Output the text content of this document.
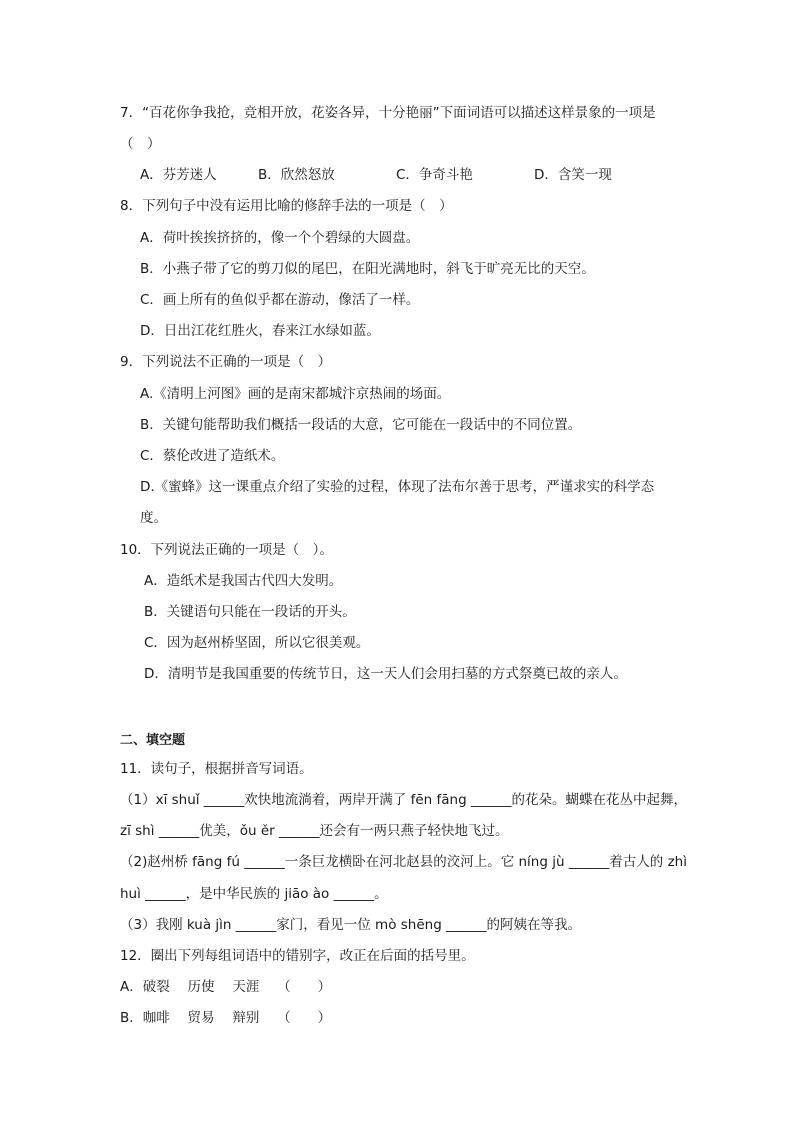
7．“百花你争我抢，竞相开放，花姿各异，十分艳丽”下面词语可以描述这样景象的一项是
（　）
A．芬芳迷人	B．欣然怒放	C．争奇斗艳	D．含笑一现
8．下列句子中没有运用比喻的修辞手法的一项是（　）
A．荷叶挨挨挤挤的，像一个个碧绿的大圆盘。
B．小燕子带了它的剪刀似的尾巴，在阳光满地时，斜飞于旷亮无比的天空。
C．画上所有的鱼似乎都在游动，像活了一样。
D．日出江花红胜火，春来江水绿如蓝。
9．下列说法不正确的一项是（　）
A.《清明上河图》画的是南宋都城汴京热闹的场面。
B．关键句能帮助我们概括一段话的大意，它可能在一段话中的不同位置。
C．蔡伦改进了造纸术。
D.《蜜蜂》这一课重点介绍了实验的过程，体现了法布尔善于思考，严谨求实的科学态
度。
10．下列说法正确的一项是（　）。
A．造纸术是我国古代四大发明。
B．关键语句只能在一段话的开头。
C．因为赵州桥坚固，所以它很美观。
D．清明节是我国重要的传统节日，这一天人们会用扫墓的方式祭奠已故的亲人。
二、填空题
11．读句子，根据拼音写词语。
（1）xī shuǐ ______欢快地流淌着，两岸开满了 fēn fāng ______的花朵。蝴蝶在花丛中起舞，
zī shì ______优美，ǒu ěr ______还会有一两只燕子轻快地飞过。
（2)赵州桥 fāng fú ______一条巨龙横卧在河北赵县的洨河上。它 níng jù ______着古人的 zhì
huì ______，是中华民族的 jiāo ào ______。
（3）我刚 kuà jìn ______家门，看见一位 mò shēng ______的阿姨在等我。
12．圈出下列每组词语中的错别字，改正在后面的括号里。
A．破裂　 历使　 天涯　 （　　）
B．咖啡　 贸易　 辩别　 （　　）
